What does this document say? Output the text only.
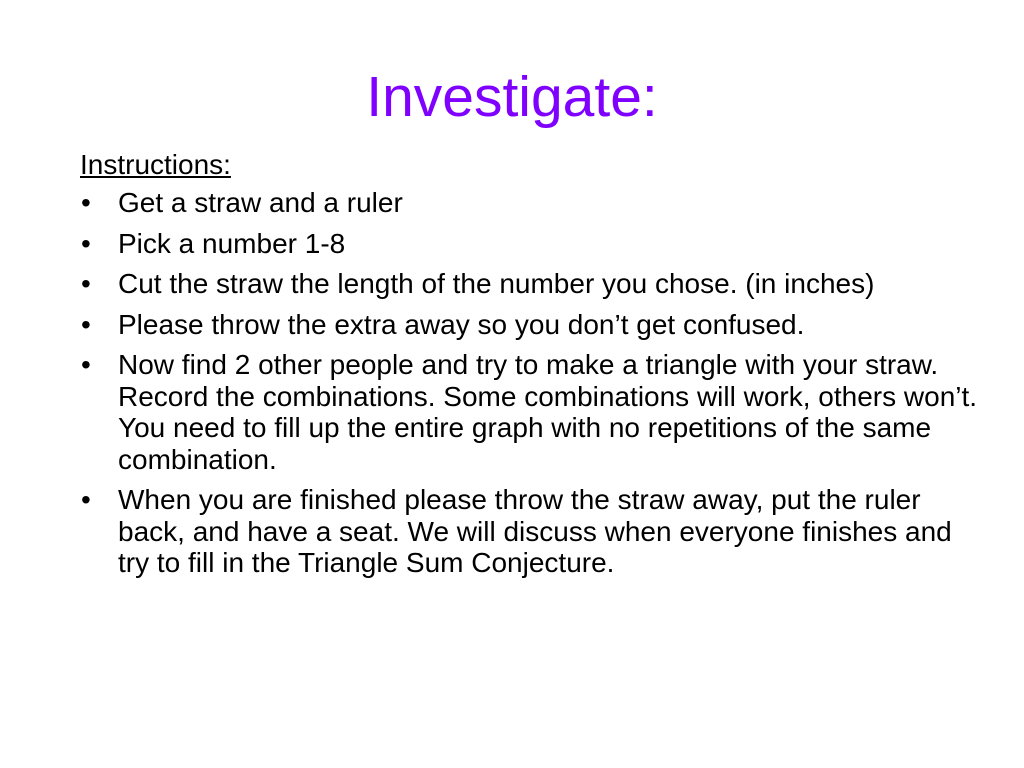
Investigate:
Instructions:
• Get a straw and a ruler
• Pick a number 1-8
• Cut the straw the length of the number you chose. (in inches)
• Please throw the extra away so you don’t get confused.
• Now find 2 other people and try to make a triangle with your straw. Record the combinations. Some combinations will work, others won’t. You need to fill up the entire graph with no repetitions of the same combination.
• When you are finished please throw the straw away, put the ruler back, and have a seat. We will discuss when everyone finishes and try to fill in the Triangle Sum Conjecture.
